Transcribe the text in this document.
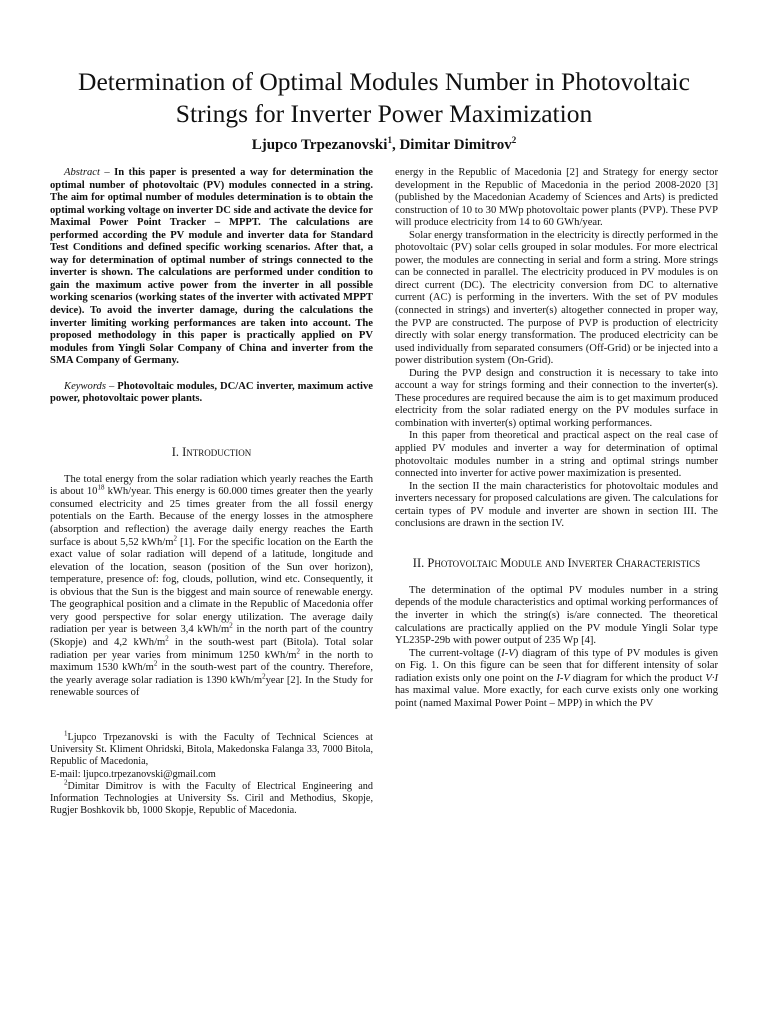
Determination of Optimal Modules Number in Photovoltaic Strings for Inverter Power Maximization
Ljupco Trpezanovski$^1$, Dimitar Dimitrov$^2$

Abstract – In this paper is presented a way for determination the optimal number of photovoltaic (PV) modules connected in a string. The aim for optimal number of modules determination is to obtain the optimal working voltage on inverter DC side and activate the device for Maximal Power Point Tracker – MPPT. The calculations are performed according the PV module and inverter data for Standard Test Conditions and defined specific working scenarios. After that, a way for determination of optimal number of strings connected to the inverter is shown. The calculations are performed under condition to gain the maximum active power from the inverter in all possible working scenarios (working states of the inverter with activated MPPT device). To avoid the inverter damage, during the calculations the inverter limiting working performances are taken into account. The proposed methodology in this paper is practically applied on PV modules from Yingli Solar Company of China and inverter from the SMA Company of Germany.

Keywords – Photovoltaic modules, DC/AC inverter, maximum active power, photovoltaic power plants.

I. Introduction

The total energy from the solar radiation which yearly reaches the Earth is about $10^{18}$ kWh/year. This energy is 60.000 times greater then the yearly consumed electricity and 25 times greater from the all fossil energy potentials on the Earth. Because of the energy losses in the atmosphere (absorption and reflection) the average daily energy reaches the Earth surface is about 5,52 kWh/$m^2$ [1]. For the specific location on the Earth the exact value of solar radiation will depend of a latitude, longitude and elevation of the location, season (position of the Sun over horizon), temperature, presence of: fog, clouds, pollution, wind etc. Consequently, it is obvious that the Sun is the biggest and main source of renewable energy. The geographical position and a climate in the Republic of Macedonia offer very good perspective for solar energy utilization. The average daily radiation per year is between 3,4 kWh/$m^2$ in the north part of the country (Skopje) and 4,2 kWh/$m^2$ in the south-west part (Bitola). Total solar radiation per year varies from minimum 1250 kWh/$m^2$ in the north to maximum 1530 kWh/$m^2$ in the south-west part of the country. Therefore, the yearly average solar radiation is 1390 kWh/$m^2year$ [2]. In the Study for renewable sources of

$^1$Ljupco Trpezanovski is with the Faculty of Technical Sciences at University St. Kliment Ohridski, Bitola, Makedonska Falanga 33, 7000 Bitola, Republic of Macedonia,

E-mail: ljupco.trpezanovski@gmail.com

$^2$Dimitar Dimitrov is with the Faculty of Electrical Engineering and Information Technologies at University Ss. Ciril and Methodius, Skopje, Rugjer Boshkovik bb, 1000 Skopje, Republic of Macedonia.

energy in the Republic of Macedonia [2] and Strategy for energy sector development in the Republic of Macedonia in the period 2008-2020 [3] (published by the Macedonian Academy of Sciences and Arts) is predicted construction of 10 to 30 MWp photovoltaic power plants (PVP). These PVP will produce electricity from 14 to 60 GWh/year.

Solar energy transformation in the electricity is directly performed in the photovoltaic (PV) solar cells grouped in solar modules. For more electrical power, the modules are connecting in serial and form a string. More strings can be connected in parallel. The electricity produced in PV modules is on direct current (DC). The electricity conversion from DC to alternative current (AC) is performing in the inverters. With the set of PV modules (connected in strings) and inverter(s) altogether connected in proper way, the PVP are constructed. The purpose of PVP is production of electricity directly with solar energy transformation. The produced electricity can be used individually from separated consumers (Off-Grid) or be injected into a power distribution system (On-Grid).

During the PVP design and construction it is necessary to take into account a way for strings forming and their connection to the inverter(s). These procedures are required because the aim is to get maximum produced electricity from the solar radiated energy on the PV modules surface in combination with inverter(s) optimal working performances.

In this paper from theoretical and practical aspect on the real case of applied PV modules and inverter a way for determination of optimal photovoltaic modules number in a string and optimal strings number connected into inverter for active power maximization is presented.

In the section II the main characteristics for photovoltaic modules and inverters necessary for proposed calculations are given. The calculations for certain types of PV module and inverter are shown in section III. The conclusions are drawn in the section IV.

II. Photovoltaic Module and Inverter Characteristics

The determination of the optimal PV modules number in a string depends of the module characteristics and optimal working performances of the inverter in which the string(s) is/are connected. The theoretical calculations are practically applied on the PV module Yingli Solar type YL235P-29b with power output of 235 Wp [4].

The current-voltage (I-V) diagram of this type of PV modules is given on Fig. 1. On this figure can be seen that for different intensity of solar radiation exists only one point on the I-V diagram for which the product V·I has maximal value. More exactly, for each curve exists only one working point (named Maximal Power Point – MPP) in which the PV
